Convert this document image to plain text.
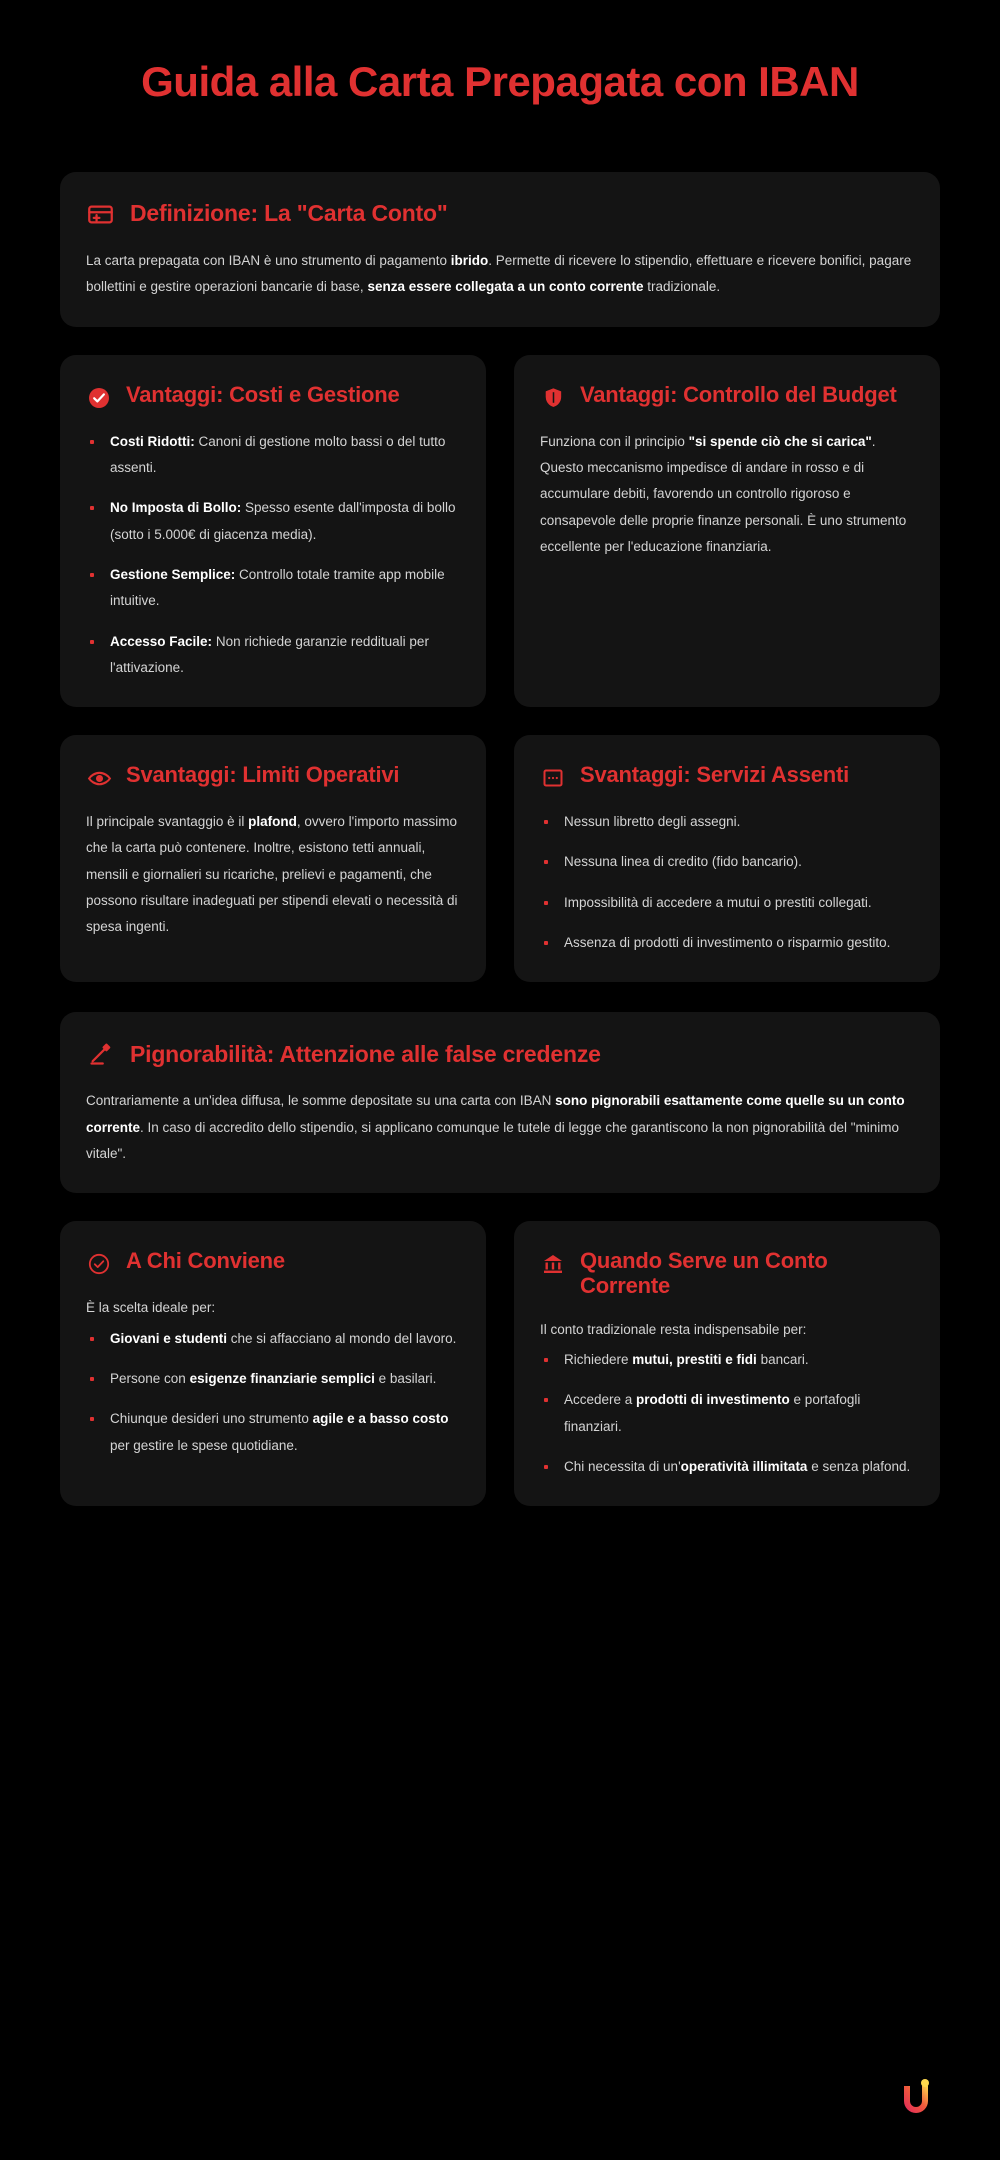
Guida alla Carta Prepagata con IBAN
Definizione: La "Carta Conto"

La carta prepagata con IBAN è uno strumento di pagamento ibrido. Permette di ricevere lo stipendio, effettuare e ricevere bonifici, pagare bollettini e gestire operazioni bancarie di base, senza essere collegata a un conto corrente tradizionale.

Vantaggi: Costi e Gestione
Costi Ridotti: Canoni di gestione molto bassi o del tutto assenti.
No Imposta di Bollo: Spesso esente dall'imposta di bollo (sotto i 5.000€ di giacenza media).
Gestione Semplice: Controllo totale tramite app mobile intuitive.
Accesso Facile: Non richiede garanzie reddituali per l'attivazione.
Vantaggi: Controllo del Budget

Funziona con il principio "si spende ciò che si carica". Questo meccanismo impedisce di andare in rosso e di accumulare debiti, favorendo un controllo rigoroso e consapevole delle proprie finanze personali. È uno strumento eccellente per l'educazione finanziaria.

Svantaggi: Limiti Operativi

Il principale svantaggio è il plafond, ovvero l'importo massimo che la carta può contenere. Inoltre, esistono tetti annuali, mensili e giornalieri su ricariche, prelievi e pagamenti, che possono risultare inadeguati per stipendi elevati o necessità di spesa ingenti.

Svantaggi: Servizi Assenti
Nessun libretto degli assegni.
Nessuna linea di credito (fido bancario).
Impossibilità di accedere a mutui o prestiti collegati.
Assenza di prodotti di investimento o risparmio gestito.
Pignorabilità: Attenzione alle false credenze

Contrariamente a un'idea diffusa, le somme depositate su una carta con IBAN sono pignorabili esattamente come quelle su un conto corrente. In caso di accredito dello stipendio, si applicano comunque le tutele di legge che garantiscono la non pignorabilità del "minimo vitale".

A Chi Conviene

È la scelta ideale per:

Giovani e studenti che si affacciano al mondo del lavoro.
Persone con esigenze finanziarie semplici e basilari.
Chiunque desideri uno strumento agile e a basso costo per gestire le spese quotidiane.
Quando Serve un Conto Corrente

Il conto tradizionale resta indispensabile per:

Richiedere mutui, prestiti e fidi bancari.
Accedere a prodotti di investimento e portafogli finanziari.
Chi necessita di un'operatività illimitata e senza plafond.
